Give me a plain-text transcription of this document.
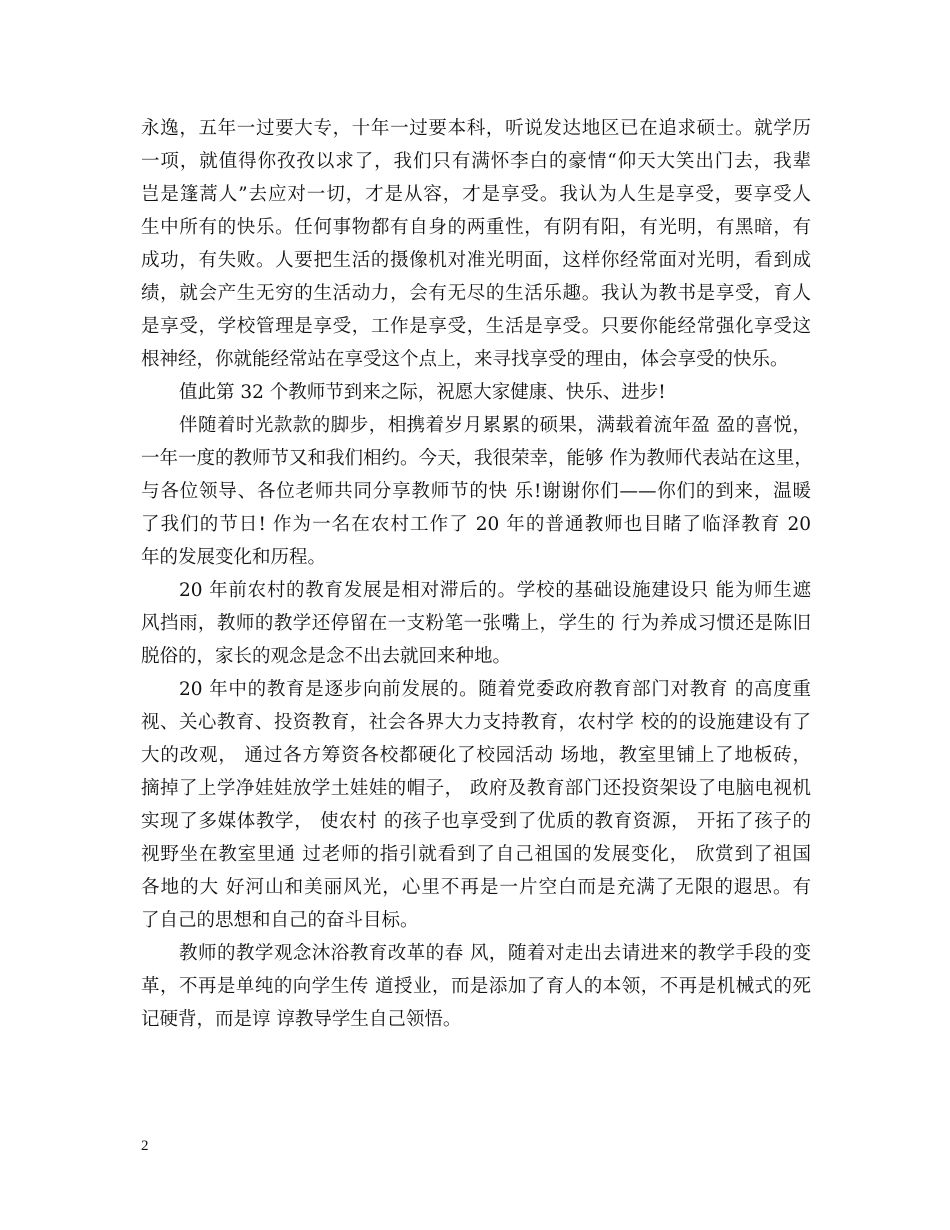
永逸，五年一过要大专，十年一过要本科，听说发达地区已在追求硕士。就学历
一项，就值得你孜孜以求了，我们只有满怀李白的豪情“仰天大笑出门去，我辈
岂是篷蒿人”去应对一切，才是从容，才是享受。我认为人生是享受，要享受人
生中所有的快乐。任何事物都有自身的两重性，有阴有阳，有光明，有黑暗，有
成功，有失败。人要把生活的摄像机对准光明面，这样你经常面对光明，看到成
绩，就会产生无穷的生活动力，会有无尽的生活乐趣。我认为教书是享受，育人
是享受，学校管理是享受，工作是享受，生活是享受。只要你能经常强化享受这
根神经，你就能经常站在享受这个点上，来寻找享受的理由，体会享受的快乐。
值此第 32 个教师节到来之际，祝愿大家健康、快乐、进步!
伴随着时光款款的脚步，相携着岁月累累的硕果，满载着流年盈 盈的喜悦，
一年一度的教师节又和我们相约。今天，我很荣幸，能够 作为教师代表站在这里，
与各位领导、各位老师共同分享教师节的快 乐!谢谢你们——你们的到来，温暖
了我们的节日! 作为一名在农村工作了 20 年的普通教师也目睹了临泽教育 20
年的发展变化和历程。
20 年前农村的教育发展是相对滞后的。学校的基础设施建设只 能为师生遮
风挡雨，教师的教学还停留在一支粉笔一张嘴上，学生的 行为养成习惯还是陈旧
脱俗的，家长的观念是念不出去就回来种地。
20 年中的教育是逐步向前发展的。随着党委政府教育部门对教育 的高度重
视、关心教育、投资教育，社会各界大力支持教育，农村学 校的的设施建设有了
大的改观， 通过各方筹资各校都硬化了校园活动 场地，教室里铺上了地板砖，
摘掉了上学净娃娃放学土娃娃的帽子， 政府及教育部门还投资架设了电脑电视机
实现了多媒体教学， 使农村 的孩子也享受到了优质的教育资源， 开拓了孩子的
视野坐在教室里通 过老师的指引就看到了自己祖国的发展变化， 欣赏到了祖国
各地的大 好河山和美丽风光，心里不再是一片空白而是充满了无限的遐思。有
了自己的思想和自己的奋斗目标。
教师的教学观念沐浴教育改革的春 风，随着对走出去请进来的教学手段的变
革，不再是单纯的向学生传 道授业，而是添加了育人的本领，不再是机械式的死
记硬背，而是谆 谆教导学生自己领悟。
2
